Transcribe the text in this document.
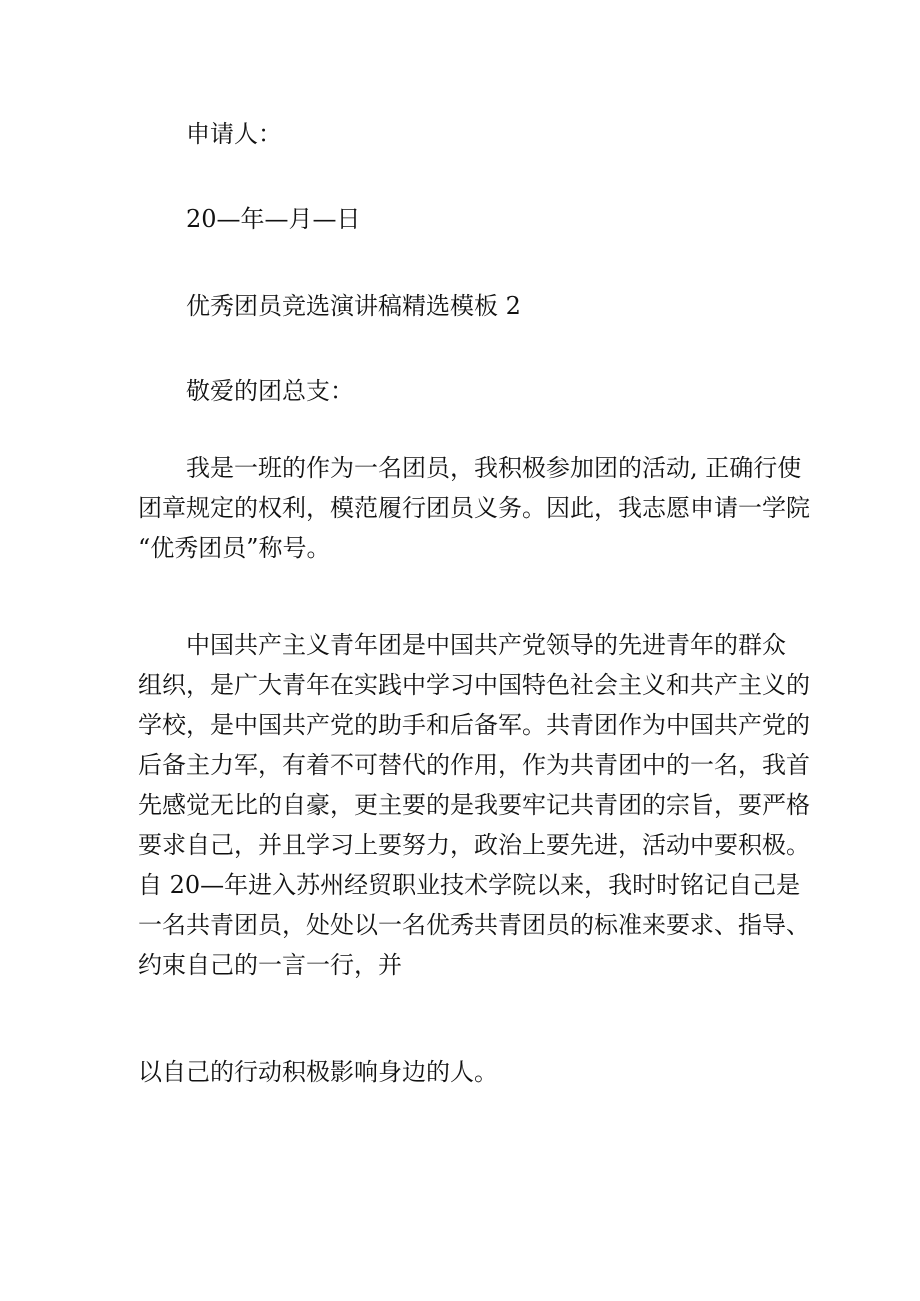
申请人：
20—年—月—日
优秀团员竞选演讲稿精选模板 2
敬爱的团总支：
我是一班的作为一名团员，我积极参加团的活动, 正确行使
团章规定的权利，模范履行团员义务。因此，我志愿申请一学院
“优秀团员”称号。
中国共产主义青年团是中国共产党领导的先进青年的群众
组织，是广大青年在实践中学习中国特色社会主义和共产主义的
学校，是中国共产党的助手和后备军。共青团作为中国共产党的
后备主力军，有着不可替代的作用，作为共青团中的一名，我首
先感觉无比的自豪，更主要的是我要牢记共青团的宗旨，要严格
要求自己，并且学习上要努力，政治上要先进，活动中要积极。
自 20—年进入苏州经贸职业技术学院以来，我时时铭记自己是
一名共青团员，处处以一名优秀共青团员的标准来要求、指导、
约束自己的一言一行，并
以自己的行动积极影响身边的人。
